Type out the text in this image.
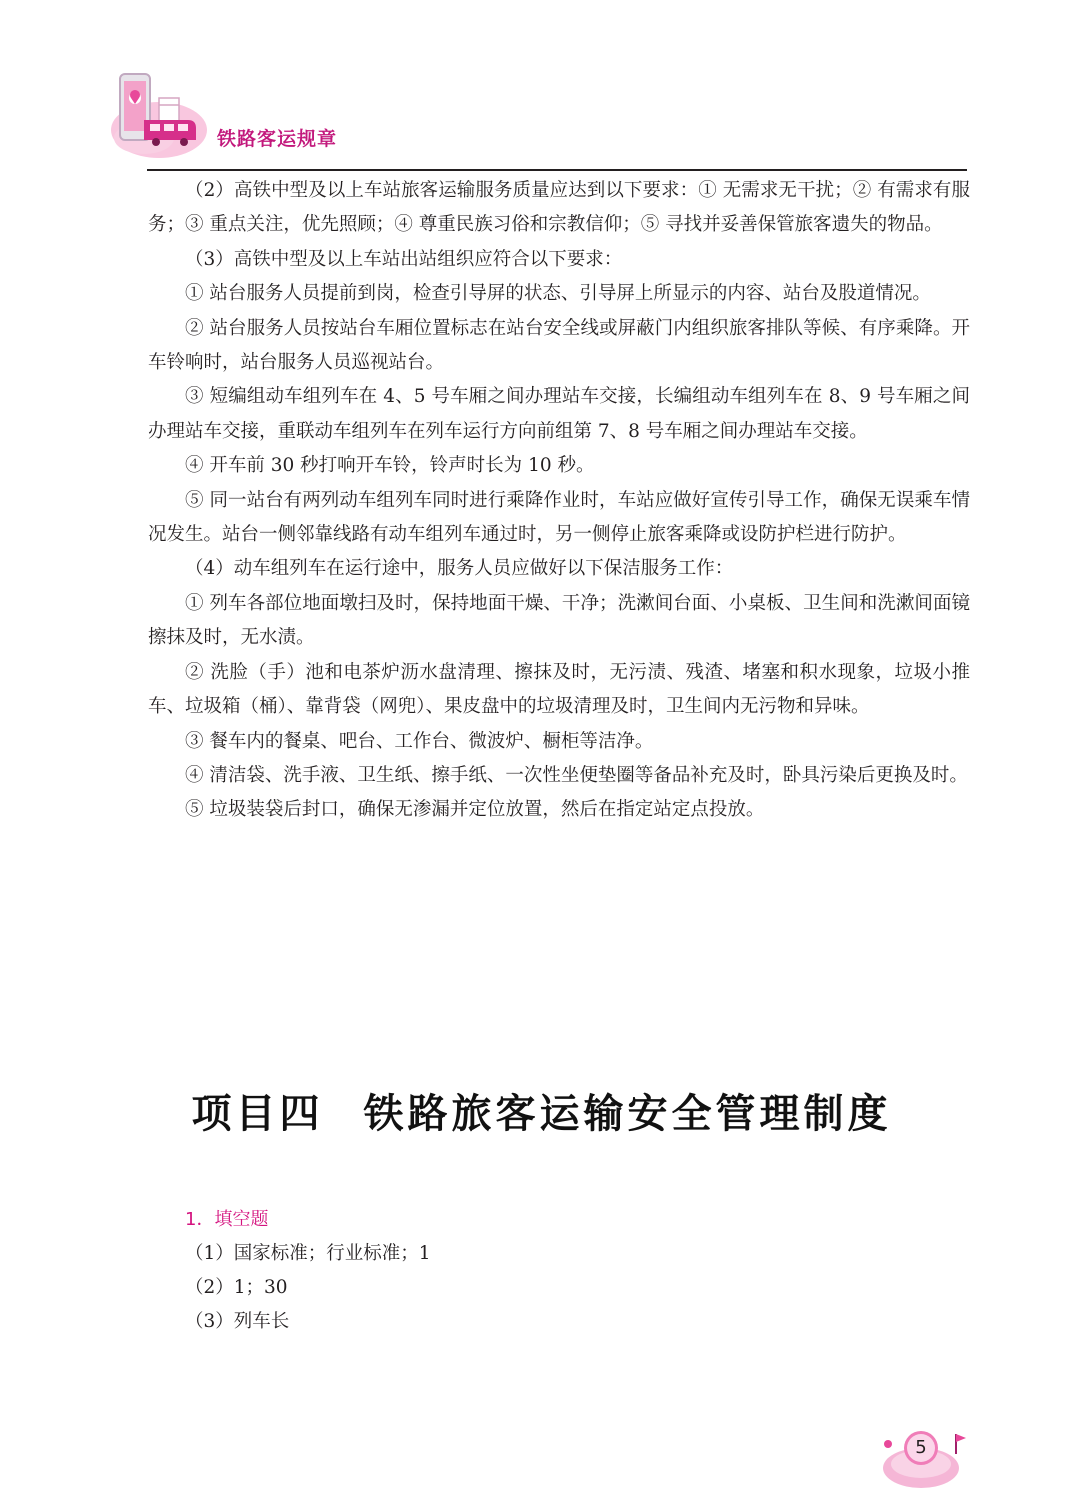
铁路客运规章

（2）高铁中型及以上车站旅客运输服务质量应达到以下要求：① 无需求无干扰；② 有需求有服务；③ 重点关注，优先照顾；④ 尊重民族习俗和宗教信仰；⑤ 寻找并妥善保管旅客遗失的物品。

（3）高铁中型及以上车站出站组织应符合以下要求：

① 站台服务人员提前到岗，检查引导屏的状态、引导屏上所显示的内容、站台及股道情况。

② 站台服务人员按站台车厢位置标志在站台安全线或屏蔽门内组织旅客排队等候、有序乘降。开车铃响时，站台服务人员巡视站台。

③ 短编组动车组列车在 4、5 号车厢之间办理站车交接，长编组动车组列车在 8、9 号车厢之间办理站车交接，重联动车组列车在列车运行方向前组第 7、8 号车厢之间办理站车交接。

④ 开车前 30 秒打响开车铃，铃声时长为 10 秒。

⑤ 同一站台有两列动车组列车同时进行乘降作业时，车站应做好宣传引导工作，确保无误乘车情况发生。站台一侧邻靠线路有动车组列车通过时，另一侧停止旅客乘降或设防护栏进行防护。

（4）动车组列车在运行途中，服务人员应做好以下保洁服务工作：

① 列车各部位地面墩扫及时，保持地面干燥、干净；洗漱间台面、小桌板、卫生间和洗漱间面镜擦抹及时，无水渍。

② 洗脸（手）池和电茶炉沥水盘清理、擦抹及时，无污渍、残渣、堵塞和积水现象，垃圾小推车、垃圾箱（桶）、靠背袋（网兜）、果皮盘中的垃圾清理及时，卫生间内无污物和异味。

③ 餐车内的餐桌、吧台、工作台、微波炉、橱柜等洁净。

④ 清洁袋、洗手液、卫生纸、擦手纸、一次性坐便垫圈等备品补充及时，卧具污染后更换及时。

⑤ 垃圾装袋后封口，确保无渗漏并定位放置，然后在指定站定点投放。

项目四 铁路旅客运输安全管理制度

1．填空题

（1）国家标准；行业标准；1

（2）1；30

（3）列车长

5
